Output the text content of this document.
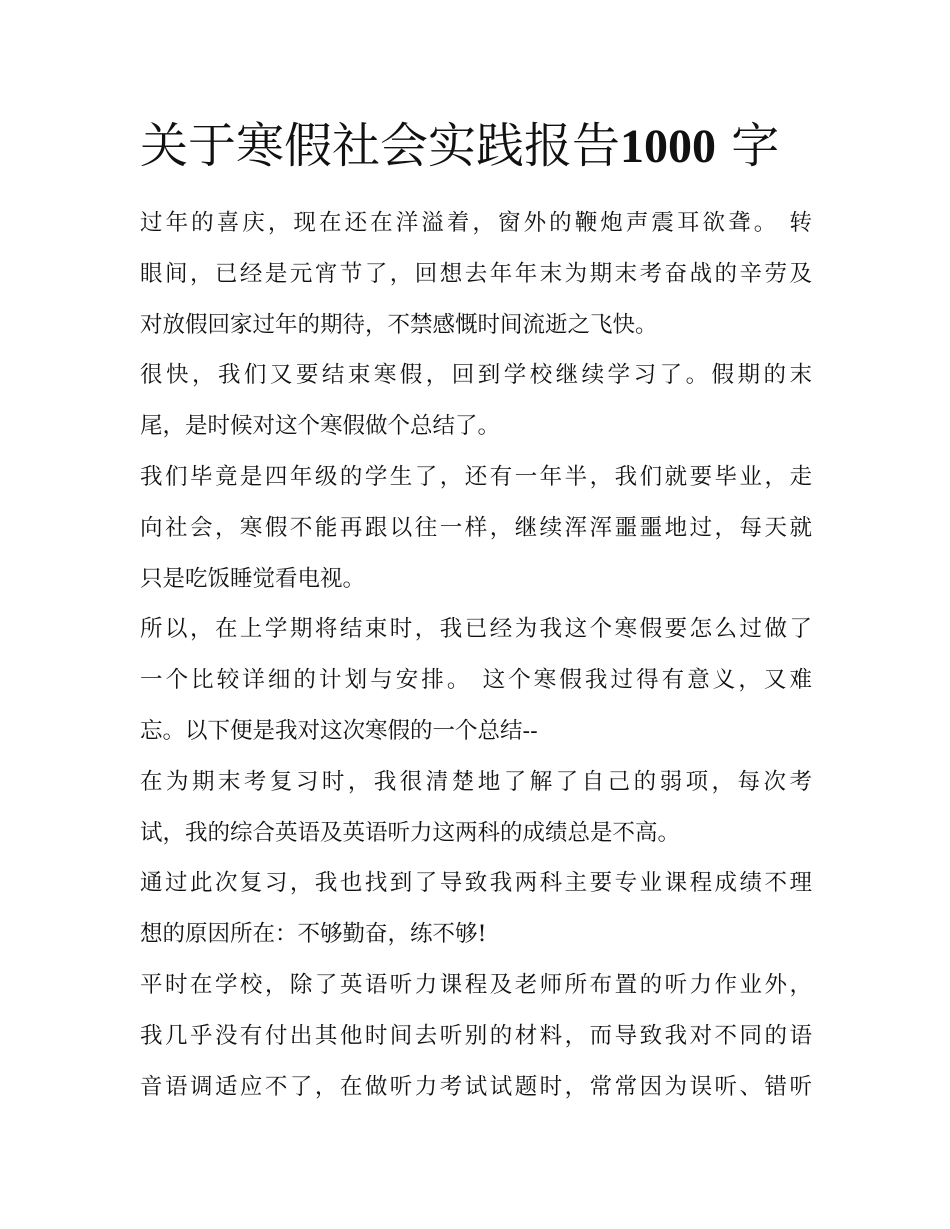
关于寒假社会实践报告1000 字
过年的喜庆，现在还在洋溢着，窗外的鞭炮声震耳欲聋。 转
眼间，已经是元宵节了，回想去年年末为期末考奋战的辛劳及
对放假回家过年的期待，不禁感慨时间流逝之飞快。
很快，我们又要结束寒假，回到学校继续学习了。假期的末
尾，是时候对这个寒假做个总结了。
我们毕竟是四年级的学生了，还有一年半，我们就要毕业，走
向社会，寒假不能再跟以往一样，继续浑浑噩噩地过，每天就
只是吃饭睡觉看电视。
所以，在上学期将结束时，我已经为我这个寒假要怎么过做了
一个比较详细的计划与安排。 这个寒假我过得有意义，又难
忘。以下便是我对这次寒假的一个总结--
在为期末考复习时，我很清楚地了解了自己的弱项，每次考
试，我的综合英语及英语听力这两科的成绩总是不高。
通过此次复习，我也找到了导致我两科主要专业课程成绩不理
想的原因所在：不够勤奋，练不够!
平时在学校，除了英语听力课程及老师所布置的听力作业外，
我几乎没有付出其他时间去听别的材料，而导致我对不同的语
音语调适应不了，在做听力考试试题时，常常因为误听、错听
